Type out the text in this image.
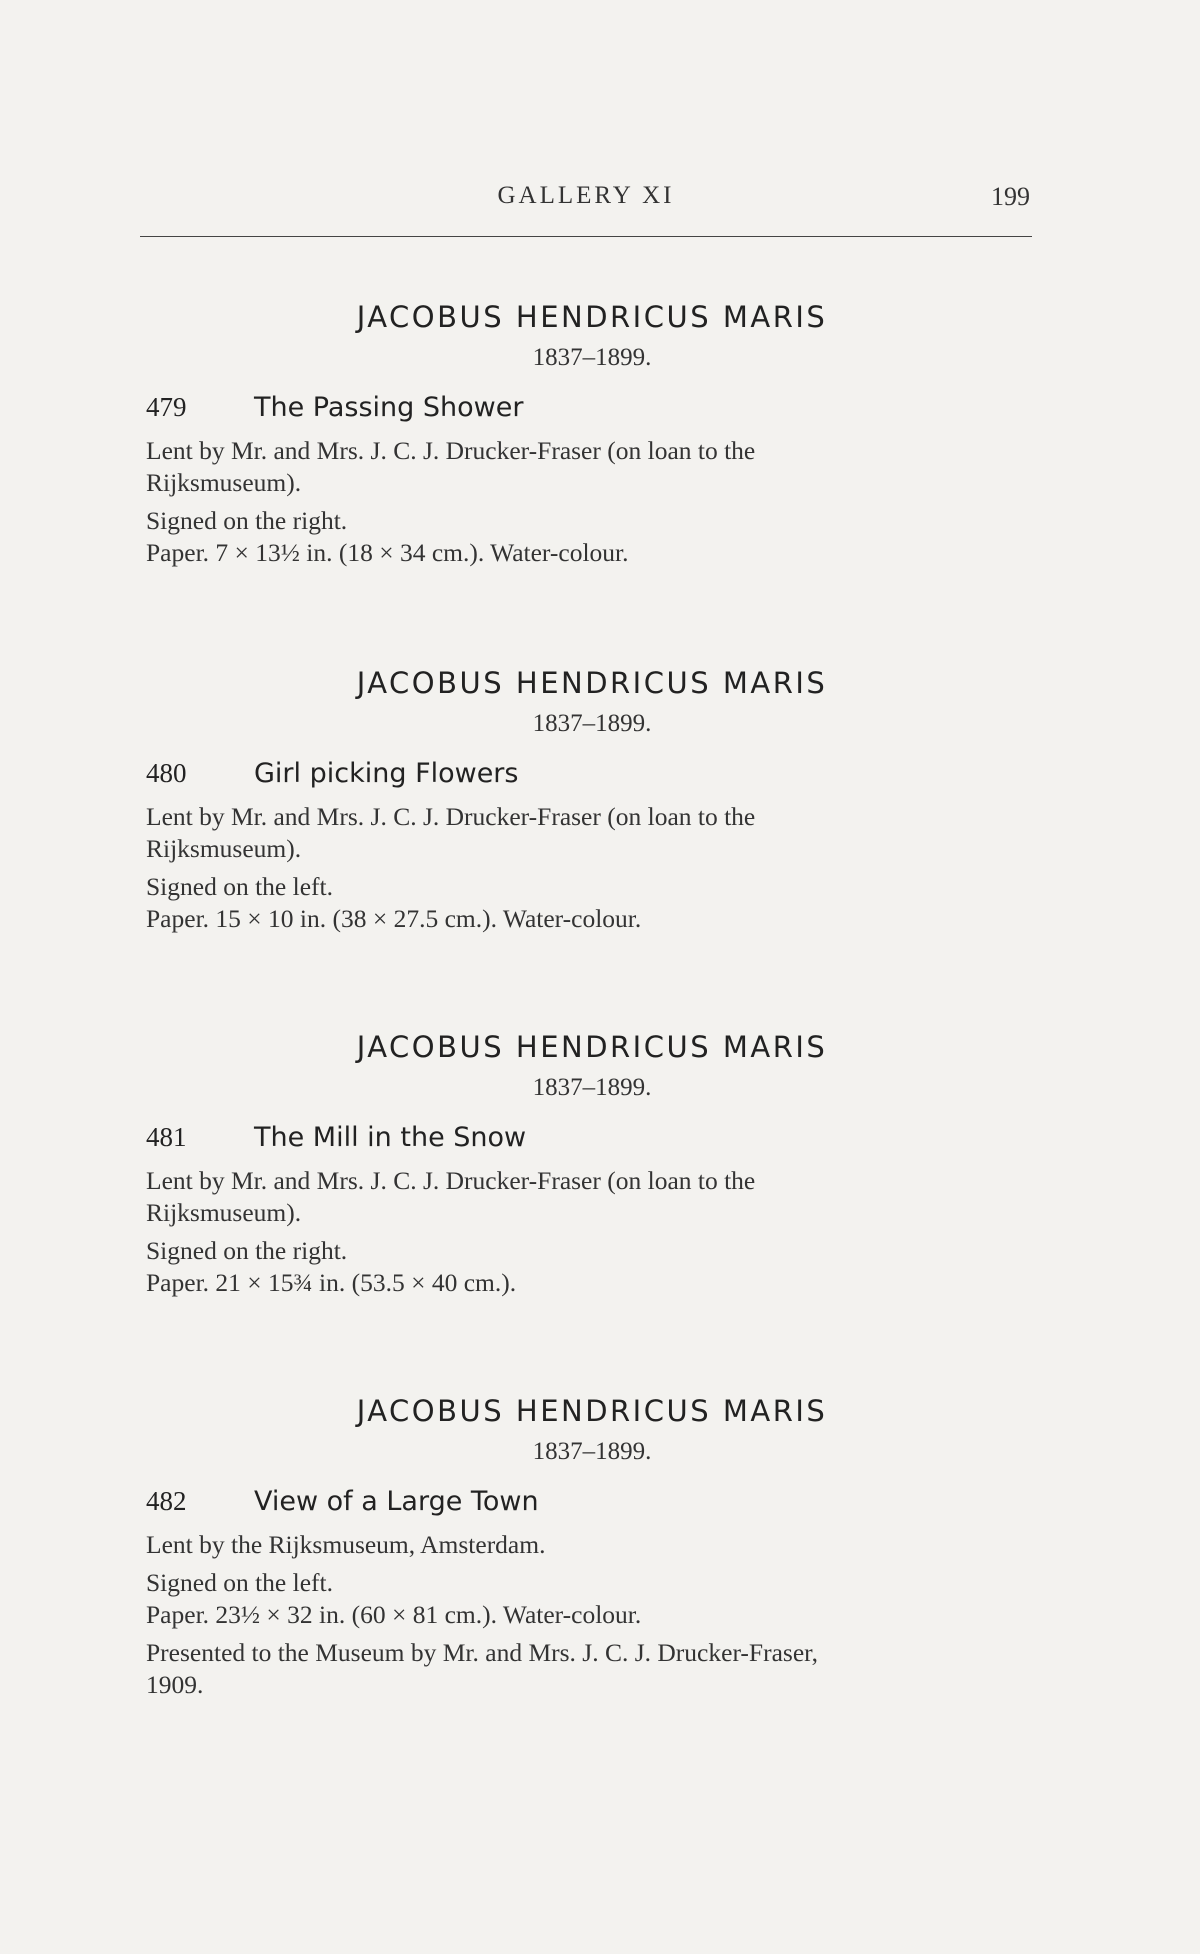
GALLERY XI	199

JACOBUS HENDRICUS MARIS

1837–1899.

479	The Passing Shower

Lent by Mr. and Mrs. J. C. J. Drucker-Fraser (on loan to the

Rijksmuseum).

Signed on the right.

Paper. 7 × 13½ in. (18 × 34 cm.). Water-colour.

JACOBUS HENDRICUS MARIS

1837–1899.

480	Girl picking Flowers

Lent by Mr. and Mrs. J. C. J. Drucker-Fraser (on loan to the

Rijksmuseum).

Signed on the left.

Paper. 15 × 10 in. (38 × 27.5 cm.). Water-colour.

JACOBUS HENDRICUS MARIS

1837–1899.

481	The Mill in the Snow

Lent by Mr. and Mrs. J. C. J. Drucker-Fraser (on loan to the

Rijksmuseum).

Signed on the right.

Paper. 21 × 15¾ in. (53.5 × 40 cm.).

JACOBUS HENDRICUS MARIS

1837–1899.

482	View of a Large Town

Lent by the Rijksmuseum, Amsterdam.

Signed on the left.

Paper. 23½ × 32 in. (60 × 81 cm.). Water-colour.

Presented to the Museum by Mr. and Mrs. J. C. J. Drucker-Fraser,

1909.
